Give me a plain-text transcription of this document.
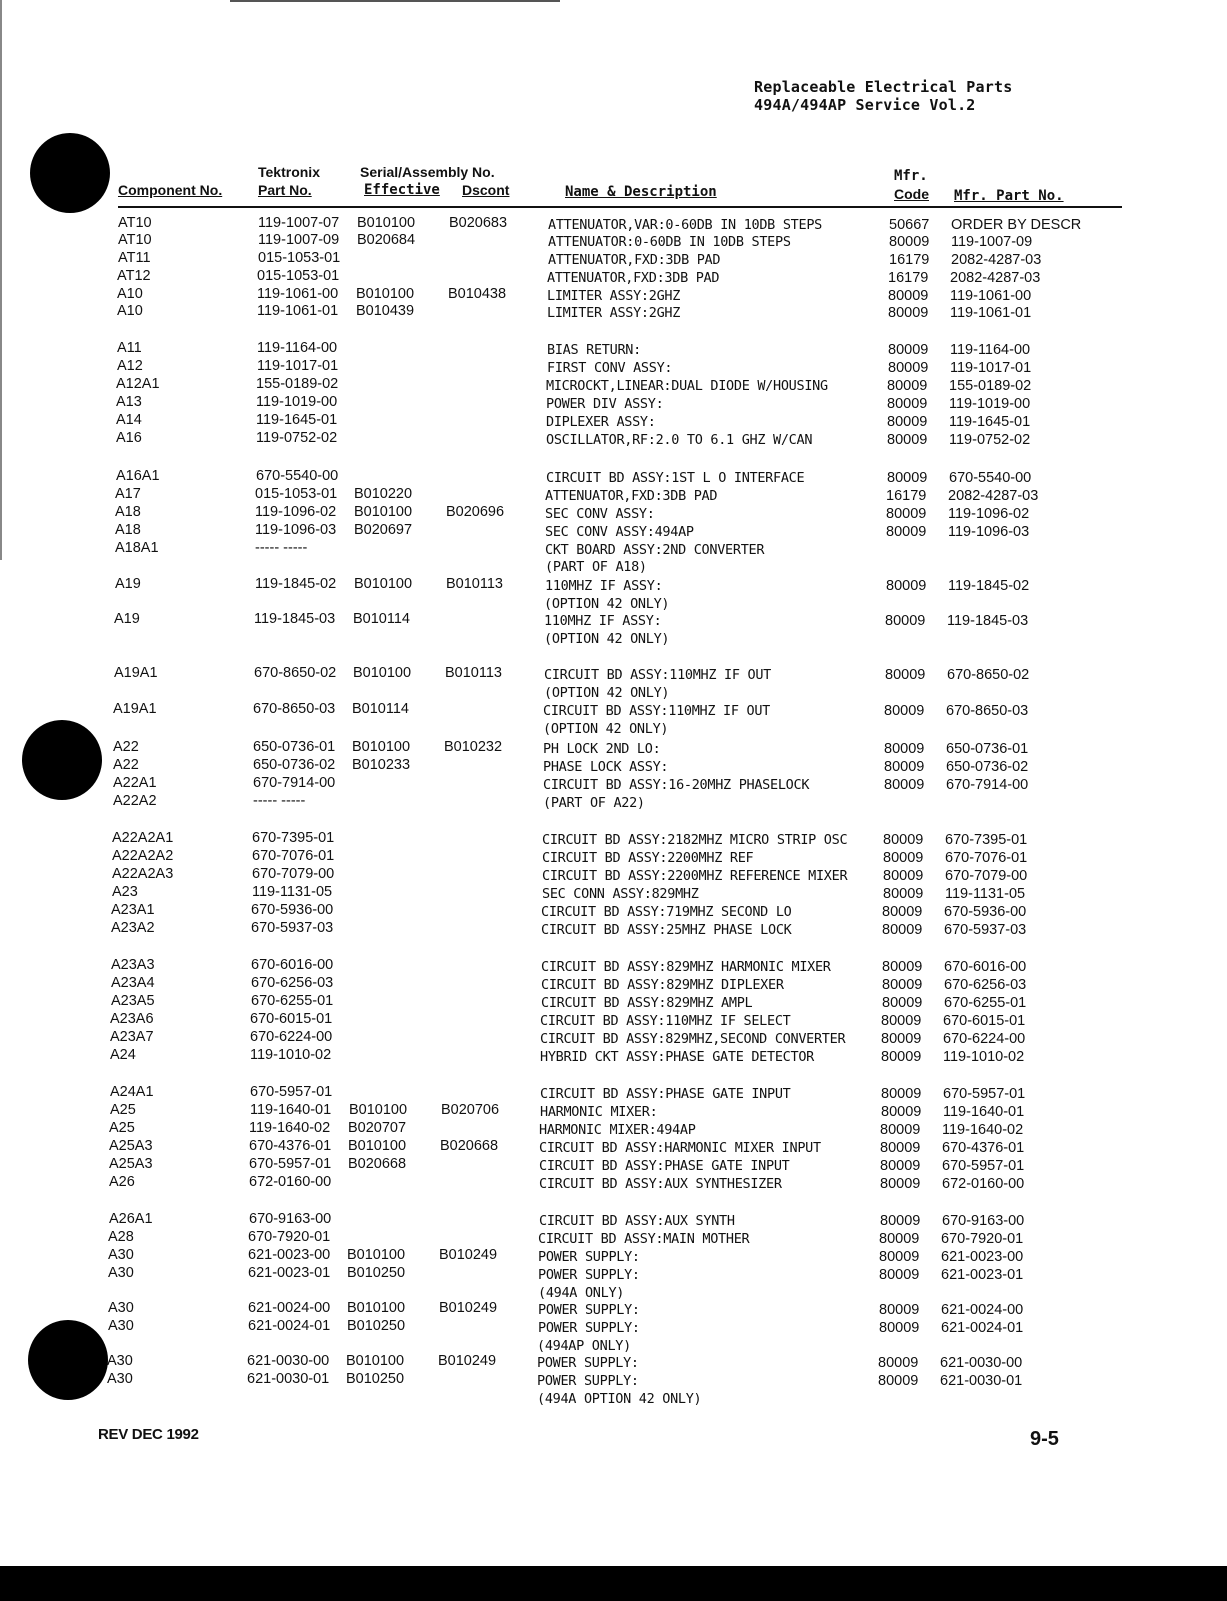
Replaceable Electrical Parts
494A/494AP Service Vol.2
Component No.
Tektronix
Part No.
Serial/Assembly No.
Effective Dscont	Name & Description
Mfr.
Code Mfr. Part No.
AT10	119-1007-07 B010100 B020683	ATTENUATOR,VAR:0-60DB IN 10DB STEPS	50667 ORDER BY DESCR
AT10	119-1007-09 B020684	ATTENUATOR:0-60DB IN 10DB STEPS	80009 119-1007-09
AT11	015-1053-01	ATTENUATOR,FXD:3DB PAD	16179 2082-4287-03
AT12	015-1053-01	ATTENUATOR,FXD:3DB PAD	16179 2082-4287-03
A10	119-1061-00 B010100 B010438	LIMITER ASSY:2GHZ	80009 119-1061-00
A10	119-1061-01 B010439	LIMITER ASSY:2GHZ	80009 119-1061-01
A11	119-1164-00	BIAS RETURN:	80009 119-1164-00
A12	119-1017-01	FIRST CONV ASSY:	80009 119-1017-01
A12A1	155-0189-02	MICROCKT,LINEAR:DUAL DIODE W/HOUSING	80009 155-0189-02
A13	119-1019-00	POWER DIV ASSY:	80009 119-1019-00
A14	119-1645-01	DIPLEXER ASSY:	80009 119-1645-01
A16	119-0752-02	OSCILLATOR,RF:2.0 TO 6.1 GHZ W/CAN	80009 119-0752-02
A16A1	670-5540-00	CIRCUIT BD ASSY:1ST L O INTERFACE	80009 670-5540-00
A17	015-1053-01 B010220	ATTENUATOR,FXD:3DB PAD	16179 2082-4287-03
A18	119-1096-02 B010100 B020696	SEC CONV ASSY:	80009 119-1096-02
A18	119-1096-03 B020697	SEC CONV ASSY:494AP	80009 119-1096-03
A18A1	----- -----	CKT BOARD ASSY:2ND CONVERTER
(PART OF A18)
A19	119-1845-02 B010100 B010113	110MHZ IF ASSY:	80009 119-1845-02
(OPTION 42 ONLY)
A19	119-1845-03 B010114	110MHZ IF ASSY:	80009 119-1845-03
(OPTION 42 ONLY)
A19A1	670-8650-02 B010100 B010113	CIRCUIT BD ASSY:110MHZ IF OUT	80009 670-8650-02
(OPTION 42 ONLY)
A19A1	670-8650-03 B010114	CIRCUIT BD ASSY:110MHZ IF OUT	80009 670-8650-03
(OPTION 42 ONLY)
A22	650-0736-01 B010100 B010232	PH LOCK 2ND LO:	80009 650-0736-01
A22	650-0736-02 B010233	PHASE LOCK ASSY:	80009 650-0736-02
A22A1	670-7914-00	CIRCUIT BD ASSY:16-20MHZ PHASELOCK	80009 670-7914-00
A22A2	----- -----	(PART OF A22)
A22A2A1	670-7395-01	CIRCUIT BD ASSY:2182MHZ MICRO STRIP OSC 80009 670-7395-01
A22A2A2	670-7076-01	CIRCUIT BD ASSY:2200MHZ REF	80009 670-7076-01
A22A2A3	670-7079-00	CIRCUIT BD ASSY:2200MHZ REFERENCE MIXER 80009 670-7079-00
A23	119-1131-05	SEC CONN ASSY:829MHZ	80009 119-1131-05
A23A1	670-5936-00	CIRCUIT BD ASSY:719MHZ SECOND LO	80009 670-5936-00
A23A2	670-5937-03	CIRCUIT BD ASSY:25MHZ PHASE LOCK	80009 670-5937-03
A23A3	670-6016-00	CIRCUIT BD ASSY:829MHZ HARMONIC MIXER	80009 670-6016-00
A23A4	670-6256-03	CIRCUIT BD ASSY:829MHZ DIPLEXER	80009 670-6256-03
A23A5	670-6255-01	CIRCUIT BD ASSY:829MHZ AMPL	80009 670-6255-01
A23A6	670-6015-01	CIRCUIT BD ASSY:110MHZ IF SELECT	80009 670-6015-01
A23A7	670-6224-00	CIRCUIT BD ASSY:829MHZ,SECOND CONVERTER 80009 670-6224-00
A24	119-1010-02	HYBRID CKT ASSY:PHASE GATE DETECTOR	80009 119-1010-02
A24A1	670-5957-01	CIRCUIT BD ASSY:PHASE GATE INPUT	80009 670-5957-01
A25	119-1640-01 B010100 B020706	HARMONIC MIXER:	80009 119-1640-01
A25	119-1640-02 B020707	HARMONIC MIXER:494AP	80009 119-1640-02
A25A3	670-4376-01 B010100 B020668	CIRCUIT BD ASSY:HARMONIC MIXER INPUT	80009 670-4376-01
A25A3	670-5957-01 B020668	CIRCUIT BD ASSY:PHASE GATE INPUT	80009 670-5957-01
A26	672-0160-00	CIRCUIT BD ASSY:AUX SYNTHESIZER	80009 672-0160-00
A26A1	670-9163-00	CIRCUIT BD ASSY:AUX SYNTH	80009 670-9163-00
A28	670-7920-01	CIRCUIT BD ASSY:MAIN MOTHER	80009 670-7920-01
A30	621-0023-00 B010100 B010249	POWER SUPPLY:	80009 621-0023-00
A30	621-0023-01 B010250	POWER SUPPLY:	80009 621-0023-01
(494A ONLY)
A30	621-0024-00 B010100 B010249	POWER SUPPLY:	80009 621-0024-00
A30	621-0024-01 B010250	POWER SUPPLY:	80009 621-0024-01
(494AP ONLY)
A30	621-0030-00 B010100 B010249	POWER SUPPLY:	80009 621-0030-00
A30	621-0030-01 B010250	POWER SUPPLY:	80009 621-0030-01
(494A OPTION 42 ONLY)
REV DEC 1992	9-5
